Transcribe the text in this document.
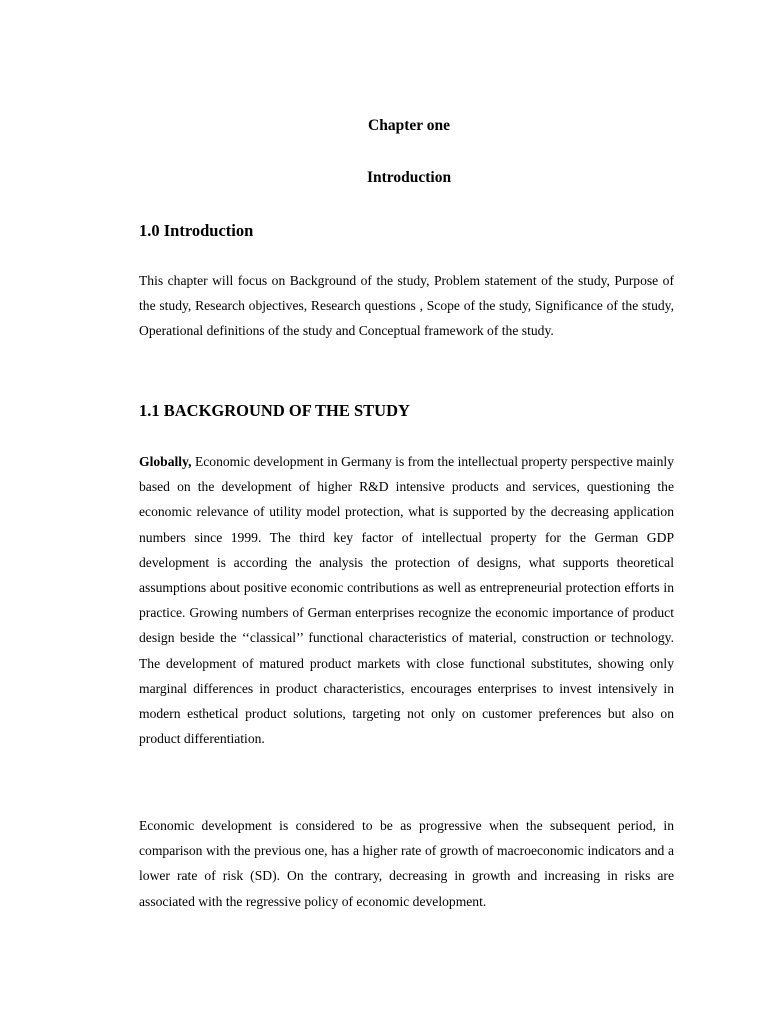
Chapter one

Introduction

1.0 Introduction

This chapter will focus on Background of the study, Problem statement of the study, Purpose of the study, Research objectives, Research questions , Scope of the study, Significance of the study, Operational definitions of the study and Conceptual framework of the study.

1.1 BACKGROUND OF THE STUDY

Globally, Economic development in Germany is from the intellectual property perspective mainly based on the development of higher R&D intensive products and services, questioning the economic relevance of utility model protection, what is supported by the decreasing application numbers since 1999. The third key factor of intellectual property for the German GDP development is according the analysis the protection of designs, what supports theoretical assumptions about positive economic contributions as well as entrepreneurial protection efforts in practice. Growing numbers of German enterprises recognize the economic importance of product design beside the ‘‘classical’’ functional characteristics of material, construction or technology. The development of matured product markets with close functional substitutes, showing only marginal differences in product characteristics, encourages enterprises to invest intensively in modern esthetical product solutions, targeting not only on customer preferences but also on product differentiation.

Economic development is considered to be as progressive when the subsequent period, in comparison with the previous one, has a higher rate of growth of macroeconomic indicators and a lower rate of risk (SD). On the contrary, decreasing in growth and increasing in risks are associated with the regressive policy of economic development.
